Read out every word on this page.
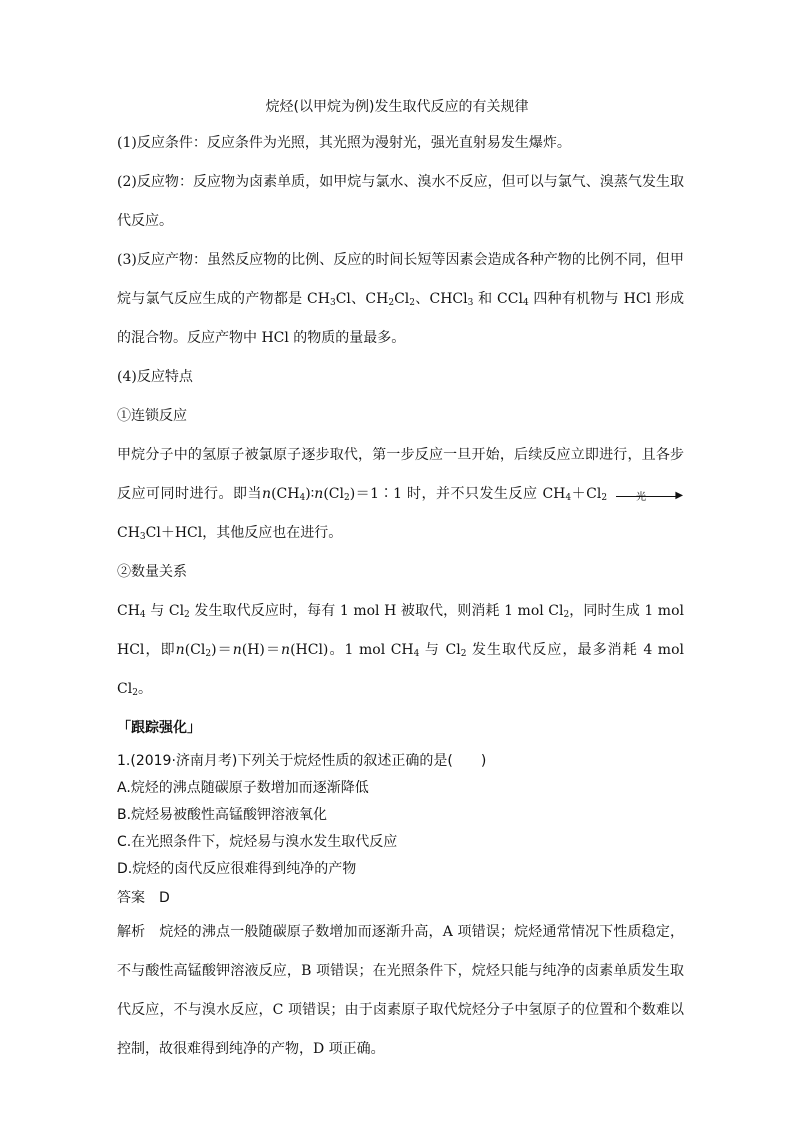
烷烃(以甲烷为例)发生取代反应的有关规律

(1)反应条件：反应条件为光照，其光照为漫射光，强光直射易发生爆炸。

(2)反应物：反应物为卤素单质，如甲烷与氯水、溴水不反应，但可以与氯气、溴蒸气发生取代反应。

(3)反应产物：虽然反应物的比例、反应的时间长短等因素会造成各种产物的比例不同，但甲烷与氯气反应生成的产物都是 $CH_3Cl$、$CH_2Cl_2$、CHCl$_3$ 和 CCl$_4$ 四种有机物与 HCl 形成的混合物。反应产物中 HCl 的物质的量最多。

(4)反应特点

①连锁反应

甲烷分子中的氢原子被氯原子逐步取代，第一步反应一旦开始，后续反应立即进行，且各步反应可同时进行。即当$n(CH_4)∶n(Cl_2)=1∶1$ 时，并不只发生反应 $CH_4+Cl_2$	光	▶
$CH_3Cl+HCl$，其他反应也在进行。

②数量关系

$CH_4$ 与 $Cl_2$ 发生取代反应时，每有 1 mol H 被取代，则消耗 1 mol $Cl_2$，同时生成 1 mol HCl，即$n(Cl_2)=n(H)=n(HCl)$。1 mol $CH_4$ 与 $Cl_2$ 发生取代反应，最多消耗 4 mol $Cl_2$。

「跟踪强化」

1.(2019·济南月考)下列关于烷烃性质的叙述正确的是(　　)

A.烷烃的沸点随碳原子数增加而逐渐降低

B.烷烃易被酸性高锰酸钾溶液氧化

C.在光照条件下，烷烃易与溴水发生取代反应

D.烷烃的卤代反应很难得到纯净的产物

答案 D

解析 烷烃的沸点一般随碳原子数增加而逐渐升高，A 项错误；烷烃通常情况下性质稳定，不与酸性高锰酸钾溶液反应，B 项错误；在光照条件下，烷烃只能与纯净的卤素单质发生取代反应，不与溴水反应，C 项错误；由于卤素原子取代烷烃分子中氢原子的位置和个数难以控制，故很难得到纯净的产物，D 项正确。
